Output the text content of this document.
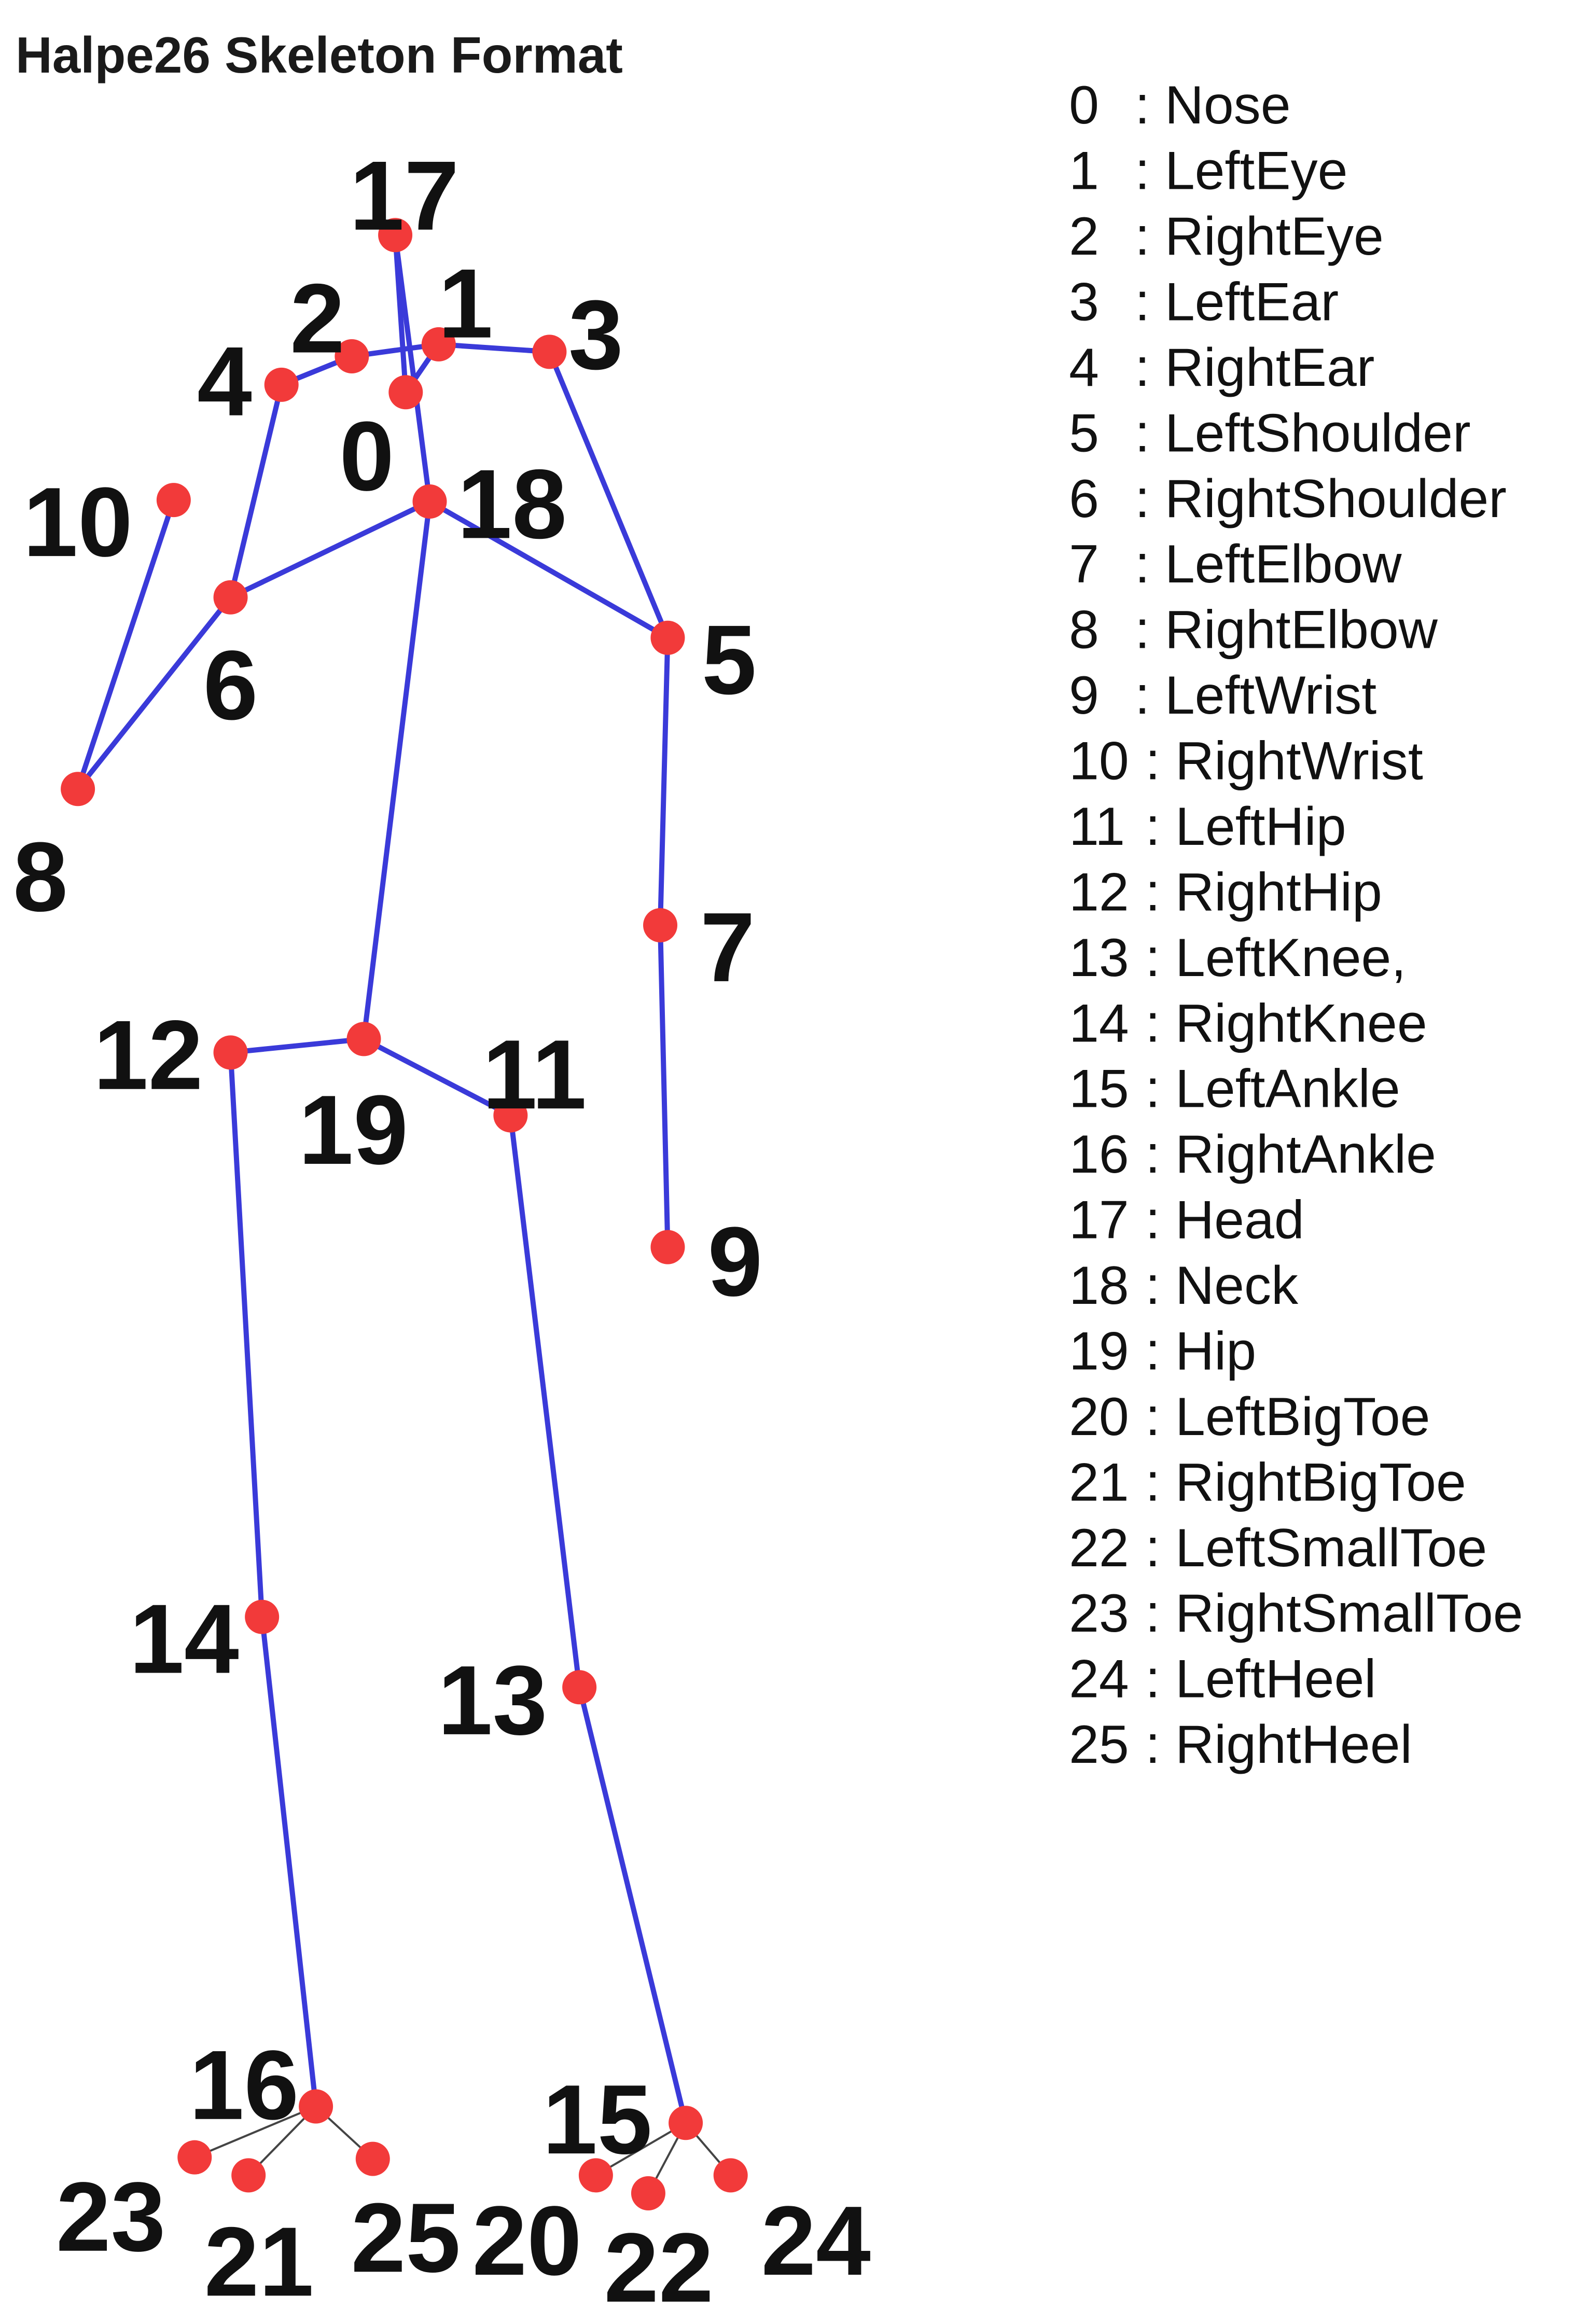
Halpe26 Skeleton Format
0
1
2 3
4
5
6
7
8
9
10
11
12
13
14
15
16
17
18
19
20
21	22
23	24
25
0 : Nose
1 : LeftEye
2 : RightEye
3 : LeftEar
4 : RightEar
5 : LeftShoulder
6 : RightShoulder
7 : LeftElbow
8 : RightElbow
9 : LeftWrist
10 : RightWrist
11 : LeftHip
12 : RightHip
13 : LeftKnee,
14 : RightKnee
15 : LeftAnkle
16 : RightAnkle
17 : Head
18 : Neck
19 : Hip
20 : LeftBigToe
21 : RightBigToe
22 : LeftSmallToe
23 : RightSmallToe
24 : LeftHeel
25 : RightHeel
